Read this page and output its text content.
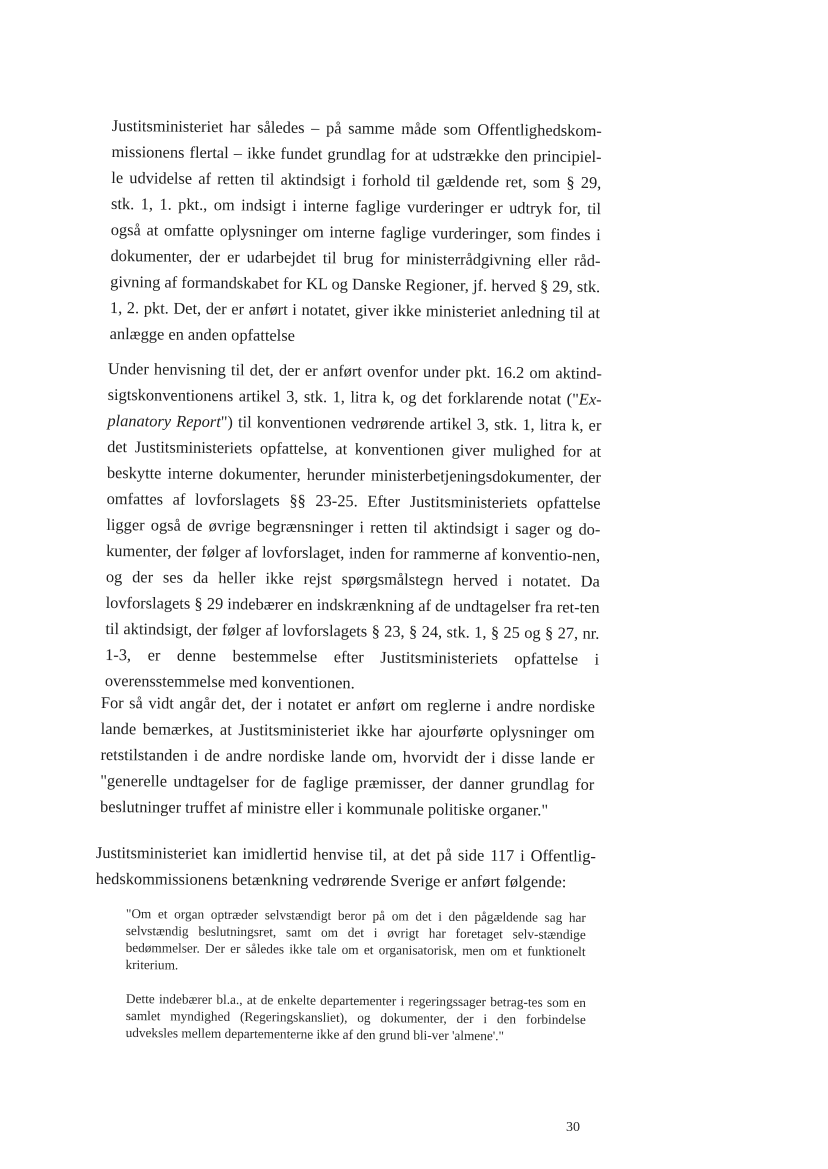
Justitsministeriet har således – på samme måde som Offentlighedskom-missionens flertal – ikke fundet grundlag for at udstrække den principiel-le udvidelse af retten til aktindsigt i forhold til gældende ret, som § 29, stk. 1, 1. pkt., om indsigt i interne faglige vurderinger er udtryk for, til også at omfatte oplysninger om interne faglige vurderinger, som findes i dokumenter, der er udarbejdet til brug for ministerrådgivning eller råd-givning af formandskabet for KL og Danske Regioner, jf. herved § 29, stk. 1, 2. pkt. Det, der er anført i notatet, giver ikke ministeriet anledning til at anlægge en anden opfattelse

Under henvisning til det, der er anført ovenfor under pkt. 16.2 om aktind-sigtskonventionens artikel 3, stk. 1, litra k, og det forklarende notat ("Ex-planatory Report") til konventionen vedrørende artikel 3, stk. 1, litra k, er det Justitsministeriets opfattelse, at konventionen giver mulighed for at beskytte interne dokumenter, herunder ministerbetjeningsdokumenter, der omfattes af lovforslagets §§ 23-25. Efter Justitsministeriets opfattelse ligger også de øvrige begrænsninger i retten til aktindsigt i sager og do-kumenter, der følger af lovforslaget, inden for rammerne af konventio-nen, og der ses da heller ikke rejst spørgsmålstegn herved i notatet. Da lovforslagets § 29 indebærer en indskrænkning af de undtagelser fra ret-ten til aktindsigt, der følger af lovforslagets § 23, § 24, stk. 1, § 25 og § 27, nr. 1-3, er denne bestemmelse efter Justitsministeriets opfattelse i overensstemmelse med konventionen.

For så vidt angår det, der i notatet er anført om reglerne i andre nordiske lande bemærkes, at Justitsministeriet ikke har ajourførte oplysninger om retstilstanden i de andre nordiske lande om, hvorvidt der i disse lande er "generelle undtagelser for de faglige præmisser, der danner grundlag for beslutninger truffet af ministre eller i kommunale politiske organer."

Justitsministeriet kan imidlertid henvise til, at det på side 117 i Offentlig-hedskommissionens betænkning vedrørende Sverige er anført følgende:

"Om et organ optræder selvstændigt beror på om det i den pågældende sag har selvstændig beslutningsret, samt om det i øvrigt har foretaget selv-stændige bedømmelser. Der er således ikke tale om et organisatorisk, men om et funktionelt kriterium.

Dette indebærer bl.a., at de enkelte departementer i regeringssager betrag-tes som en samlet myndighed (Regeringskansliet), og dokumenter, der i den forbindelse udveksles mellem departementerne ikke af den grund bli-ver 'almene'."

30
